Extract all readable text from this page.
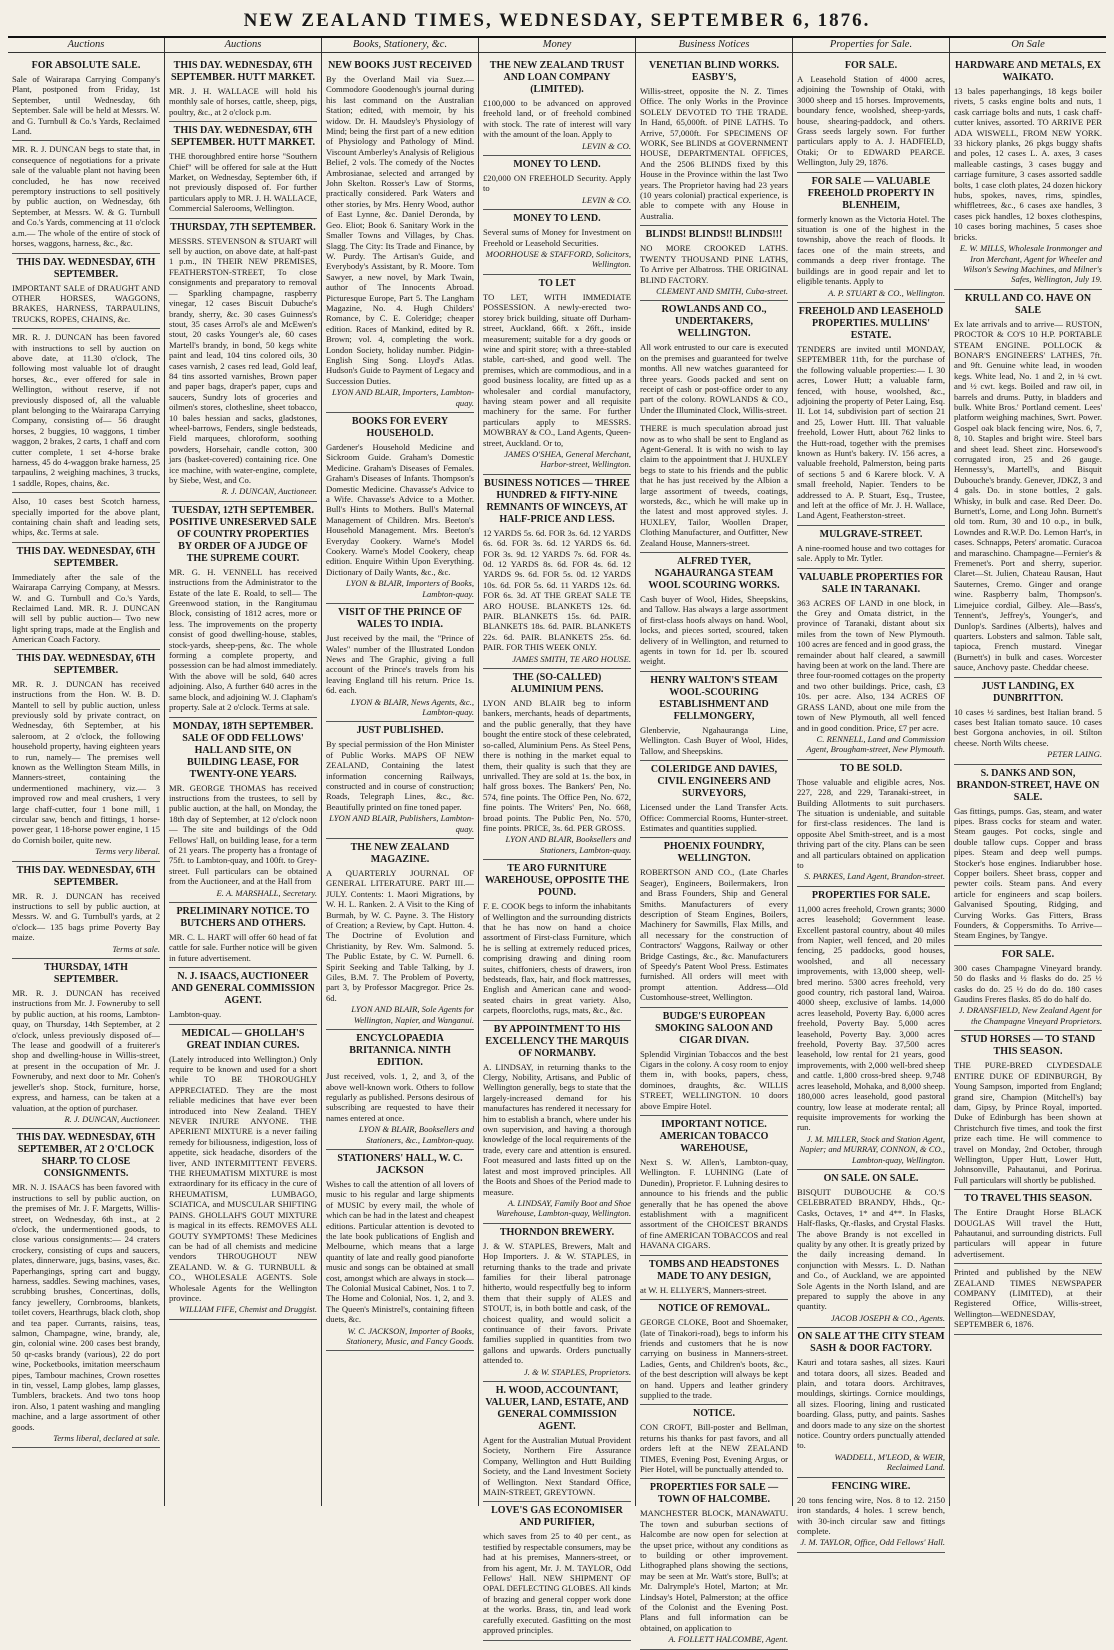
NEW ZEALAND TIMES, WEDNESDAY, SEPTEMBER 6, 1876.
Auctions
FOR ABSOLUTE SALE.
Sale of Wairarapa Carrying Company's Plant, postponed from Friday, 1st September, until Wednesday, 6th September. Sale will be held at Messrs. W. and G. Turnbull & Co.'s Yards, Reclaimed Land.
MR. R. J. DUNCAN begs to state that, in consequence of negotiations for a private sale of the valuable plant not having been concluded, he has now received peremptory instructions to sell positively by public auction, on Wednesday, 6th September, at Messrs. W. & G. Turnbull and Co.'s Yards, commencing at 11 o'clock a.m.— The whole of the entire of stock of horses, waggons, harness, &c., &c.
THIS DAY. WEDNESDAY, 6TH SEPTEMBER.
IMPORTANT SALE of DRAUGHT AND OTHER HORSES, WAGGONS, BRAKES, HARNESS, TARPAULINS, TRUCKS, ROPES, CHAINS, &c.
MR. R. J. DUNCAN has been favored with instructions to sell by auction on above date, at 11.30 o'clock, The following most valuable lot of draught horses, &c., ever offered for sale in Wellington, without reserve, if not previously disposed of, all the valuable plant belonging to the Wairarapa Carrying Company, consisting of— 56 draught horses, 2 buggies, 10 waggons, 1 timber waggon, 2 brakes, 2 carts, 1 chaff and corn cutter complete, 1 set 4-horse brake harness, 45 do 4-waggon brake harness, 25 tarpaulins, 2 weighing machines, 3 trucks, 1 saddle, Ropes, chains, &c.
Also, 10 cases best Scotch harness, specially imported for the above plant, containing chain shaft and leading sets, whips, &c. Terms at sale.
THIS DAY. WEDNESDAY, 6TH SEPTEMBER.
Immediately after the sale of the Wairarapa Carrying Company, at Messrs. W. and G. Turnbull and Co.'s Yards, Reclaimed Land. MR. R. J. DUNCAN will sell by public auction— Two new light spring traps, made at the English and American Coach Factory.
THIS DAY. WEDNESDAY, 6TH SEPTEMBER.
MR. R. J. DUNCAN has received instructions from the Hon. W. B. D. Mantell to sell by public auction, unless previously sold by private contract, on Wednesday, 6th September, at his saleroom, at 2 o'clock, the following household property, having eighteen years to run, namely— The premises well known as the Wellington Steam Mills, in Manners-street, containing the undermentioned machinery, viz.— 3 improved row and meal crushers, 1 very large chaff-cutter, four 1 bone mill, 1 circular saw, bench and fittings, 1 horse-power gear, 1 18-horse power engine, 1 15 do Cornish boiler, quite new.
Terms very liberal.
THIS DAY. WEDNESDAY, 6TH SEPTEMBER.
MR. R. J. DUNCAN has received instructions to sell by public auction, at Messrs. W. and G. Turnbull's yards, at 2 o'clock— 135 bags prime Poverty Bay maize.
Terms at sale.
THURSDAY, 14TH SEPTEMBER.
MR. R. J. DUNCAN has received instructions from Mr. J. Fowneruby to sell by public auction, at his rooms, Lambton-quay, on Thursday, 14th September, at 2 o'clock, unless previously disposed of— The lease and goodwill of a fruiterer's shop and dwelling-house in Willis-street, at present in the occupation of Mr. J. Fowneruby, and next door to Mr. Cohen's jeweller's shop. Stock, furniture, horse, express, and harness, can be taken at a valuation, at the option of purchaser.
R. J. DUNCAN, Auctioneer.
THIS DAY. WEDNESDAY, 6TH SEPTEMBER, AT 2 O'CLOCK SHARP. TO CLOSE CONSIGNMENTS.
MR. N. J. ISAACS has been favored with instructions to sell by public auction, on the premises of Mr. J. F. Margetts, Willis-street, on Wednesday, 6th inst., at 2 o'clock, the undermentioned goods, to close various consignments:— 24 craters crockery, consisting of cups and saucers, plates, dinnerware, jugs, basins, vases, &c. Paperhangings, spring cart and buggy, harness, saddles. Sewing machines, vases, scrubbing brushes, Concertinas, dolls, fancy jewellery, Cornbrooms, blankets, toilet covers, Hearthrugs, black cloth, shop and tea paper. Currants, raisins, teas, salmon, Champagne, wine, brandy, ale, gin, colonial wine. 200 cases best brandy, 50 qr-casks brandy (various), 22 do port wine, Pocketbooks, imitation meerschaum pipes, Tambour machines, Crown rosettes in tin, vessel, Lamp globes, lamp glasses, Tumblers, brackets. And two tons hoop iron. Also, 1 patent washing and mangling machine, and a large assortment of other goods.
Terms liberal, declared at sale.
Auctions
THIS DAY. WEDNESDAY, 6TH SEPTEMBER. HUTT MARKET.
MR. J. H. WALLACE will hold his monthly sale of horses, cattle, sheep, pigs, poultry, &c., at 2 o'clock p.m.
THIS DAY. WEDNESDAY, 6TH SEPTEMBER. HUTT MARKET.
THE thoroughbred entire horse "Southern Chief" will be offered for sale at the Hutt Market, on Wednesday, September 6th, if not previously disposed of. For further particulars apply to MR. J. H. WALLACE, Commercial Salerooms, Wellington.
THURSDAY, 7TH SEPTEMBER.
MESSRS. STEVENSON & STUART will sell by auction, on above date, at half-past 1 p.m., IN THEIR NEW PREMISES, FEATHERSTON-STREET, To close consignments and preparatory to removal— Sparkling champagne, raspberry vinegar, 12 cases Biscuit Dubuche's brandy, sherry, &c. 30 cases Guinness's stout, 35 cases Arrol's ale and McEwen's stout, 20 casks Younger's ale, 60 cases Martell's brandy, in bond, 50 kegs white paint and lead, 104 tins colored oils, 30 cases varnish, 2 cases red lead, Gold leaf, 84 tins assorted varnishes, Brown paper and paper bags, draper's paper, cups and saucers, Sundry lots of groceries and oilmen's stores, clothesline, sheet tobacco, 10 bales hessian and sacks, gladstones, wheel-barrows, Fenders, single bedsteads, Field marquees, chloroform, soothing powders, Horsehair, candle cotton, 300 jars (basket-covered) containing rice. One ice machine, with water-engine, complete, by Siebe, West, and Co.
R. J. DUNCAN, Auctioneer.
TUESDAY, 12TH SEPTEMBER. POSITIVE UNRESERVED SALE OF COUNTRY PROPERTIES BY ORDER OF A JUDGE OF THE SUPREME COURT.
MR. G. H. VENNELL has received instructions from the Administrator to the Estate of the late E. Roald, to sell— The Greenwood station, in the Rangitumau Block, consisting of 1812 acres, more or less. The improvements on the property consist of good dwelling-house, stables, stock-yards, sheep-pens, &c. The whole forming a complete property, and possession can be had almost immediately. With the above will be sold, 640 acres adjoining. Also, A further 640 acres in the same block, and adjoining W. J. Clapham's property. Sale at 2 o'clock. Terms at sale.
MONDAY, 18TH SEPTEMBER. SALE OF ODD FELLOWS' HALL AND SITE, ON BUILDING LEASE, FOR TWENTY-ONE YEARS.
MR. GEORGE THOMAS has received instructions from the trustees, to sell by public auction, at the hall, on Monday, the 18th day of September, at 12 o'clock noon— The site and buildings of the Odd Fellows' Hall, on building lease, for a term of 21 years. The property has a frontage of 75ft. to Lambton-quay, and 100ft. to Grey-street. Full particulars can be obtained from the Auctioneer, and at the Hall from
E. A. MARSHALL, Secretary.
PRELIMINARY NOTICE. TO BUTCHERS AND OTHERS.
MR. C. L. HART will offer 60 head of fat cattle for sale. Further notice will be given in future advertisement.
N. J. ISAACS, AUCTIONEER AND GENERAL COMMISSION AGENT.
Lambton-quay.
MEDICAL — GHOLLAH'S GREAT INDIAN CURES.
(Lately introduced into Wellington.) Only require to be known and used for a short while TO BE THOROUGHLY APPRECIATED. They are the most reliable medicines that have ever been introduced into New Zealand. THEY NEVER INJURE ANYONE. THE APERIENT MIXTURE is a never failing remedy for biliousness, indigestion, loss of appetite, sick headache, disorders of the liver, AND INTERMITTENT FEVERS. THE RHEUMATISM MIXTURE is most extraordinary for its efficacy in the cure of RHEUMATISM, LUMBAGO, SCIATICA, and MUSCULAR SHIFTING PAINS. GHOLLAH'S GOUT MIXTURE is magical in its effects. REMOVES ALL GOUTY SYMPTOMS! These Medicines can be had of all chemists and medicine vendors THROUGHOUT NEW ZEALAND. W. & G. TURNBULL & CO., WHOLESALE AGENTS. Sole Wholesale Agents for the Wellington province.
WILLIAM FIFE, Chemist and Druggist.
Books, Stationery, &c.
NEW BOOKS JUST RECEIVED
By the Overland Mail via Suez.— Commodore Goodenough's journal during his last command on the Australian Station; edited, with memoir, by his widow. Dr. H. Maudsley's Physiology of Mind; being the first part of a new edition of Physiology and Pathology of Mind. Viscount Amberley's Analysis of Religious Belief, 2 vols. The comedy of the Noctes Ambrosianae, selected and arranged by John Skelton. Rosser's Law of Storms, practically considered. Park Waters and other stories, by Mrs. Henry Wood, author of East Lynne, &c. Daniel Deronda, by Geo. Eliot; Book 6. Sanitary Work in the Smaller Towns and Villages, by Chas. Slagg. The City: Its Trade and Finance, by W. Purdy. The Artisan's Guide, and Everybody's Assistant, by R. Moore. Tom Sawyer, a new novel, by Mark Twain, author of The Innocents Abroad. Picturesque Europe, Part 5. The Langham Magazine, No. 4. Hugh Childers' Romance, by C. E. Coleridge; cheaper edition. Races of Mankind, edited by R. Brown; vol. 4, completing the work. London Society, holiday number. Pidgin-English Sing Song. Lloyd's Atlas. Hudson's Guide to Payment of Legacy and Succession Duties.
LYON AND BLAIR, Importers, Lambton-quay.
BOOKS FOR EVERY HOUSEHOLD.
Gardener's Household Medicine and Sickroom Guide. Graham's Domestic Medicine. Graham's Diseases of Females. Graham's Diseases of Infants. Thompson's Domestic Medicine. Chavasse's Advice to a Wife. Chavasse's Advice to a Mother. Bull's Hints to Mothers. Bull's Maternal Management of Children. Mrs. Beeton's Household Management. Mrs. Beeton's Everyday Cookery. Warne's Model Cookery. Warne's Model Cookery, cheap edition. Enquire Within Upon Everything. Dictionary of Daily Wants, &c., &c.
LYON & BLAIR, Importers of Books, Lambton-quay.
VISIT OF THE PRINCE OF WALES TO INDIA.
Just received by the mail, the "Prince of Wales" number of the Illustrated London News and The Graphic, giving a full account of the Prince's travels from his leaving England till his return. Price 1s. 6d. each.
LYON & BLAIR, News Agents, &c., Lambton-quay.
JUST PUBLISHED.
By special permission of the Hon Minister of Public Works. MAPS OF NEW ZEALAND, Containing the latest information concerning Railways, constructed and in course of construction; Roads, Telegraph Lines, &c., &c. Beautifully printed on fine toned paper.
LYON AND BLAIR, Publishers, Lambton-quay.
THE NEW ZEALAND MAGAZINE.
A QUARTERLY JOURNAL OF GENERAL LITERATURE. PART III.—JULY. Contents: 1. Maori Migrations, by W. H. L. Ranken. 2. A Visit to the King of Burmah, by W. C. Payne. 3. The History of Creation; a Review, by Capt. Hutton. 4. The Doctrine of Evolution and Christianity, by Rev. Wm. Salmond. 5. The Public Estate, by C. W. Purnell. 6. Spirit Seeking and Table Talking, by J. Giles, B.M. 7. The Problem of Poverty, part 3, by Professor Macgregor. Price 2s. 6d.
LYON AND BLAIR, Sole Agents for Wellington, Napier, and Wanganui.
ENCYCLOPAEDIA BRITANNICA. NINTH EDITION.
Just received, vols. 1, 2, and 3, of the above well-known work. Others to follow regularly as published. Persons desirous of subscribing are requested to have their names entered at once.
LYON & BLAIR, Booksellers and Stationers, &c., Lambton-quay.
STATIONERS' HALL, W. C. JACKSON
Wishes to call the attention of all lovers of music to his regular and large shipments of MUSIC by every mail, the whole of which can be had in the latest and cheapest editions. Particular attention is devoted to the late book publications of English and Melbourne, which means that a large quantity of late and really good pianoforte music and songs can be obtained at small cost, amongst which are always in stock— The Colonial Musical Cabinet, Nos. 1 to 7. The Home and Colonial, Nos. 1, 2, and 3. The Queen's Ministrel's, containing fifteen duets, &c.
W. C. JACKSON, Importer of Books, Stationery, Music, and Fancy Goods.
Money
THE NEW ZEALAND TRUST AND LOAN COMPANY (LIMITED).
£100,000 to be advanced on approved freehold land, or of freehold combined with stock. The rate of interest will vary with the amount of the loan. Apply to
LEVIN & CO.
MONEY TO LEND.
£20,000 ON FREEHOLD Security. Apply to
LEVIN & CO.
MONEY TO LEND.
Several sums of Money for Investment on Freehold or Leasehold Securities.
MOORHOUSE & STAFFORD, Solicitors, Wellington.
TO LET
TO LET, WITH IMMEDIATE POSSESSION. A newly-erected two-storey brick building, situate off Durham-street, Auckland, 66ft. x 26ft., inside measurement; suitable for a dry goods or wine and spirit store; with a three-stabled stable, cart-shed, and good well. The premises, which are commodious, and in a good business locality, are fitted up as a wholesaler and cordial manufactory, having steam power and all requisite machinery for the same. For further particulars apply to MESSRS. MOWBRAY & CO., Land Agents, Queen-street, Auckland. Or to,
JAMES O'SHEA, General Merchant, Harbor-street, Wellington.
BUSINESS NOTICES — THREE HUNDRED & FIFTY-NINE REMNANTS OF WINCEYS, AT HALF-PRICE AND LESS.
12 YARDS 5s. 6d. FOR 3s. 6d. 12 YARDS 6s. 6d. FOR 3s. 6d. 12 YARDS 6s. 6d. FOR 3s. 9d. 12 YARDS 7s. 6d. FOR 4s. 0d. 12 YARDS 8s. 6d. FOR 4s. 6d. 12 YARDS 9s. 6d. FOR 5s. 0d. 12 YARDS 10s. 6d. FOR 5s. 6d. 11 YARDS 12s. 6d. FOR 6s. 3d. AT THE GREAT SALE TE ARO HOUSE. BLANKETS 12s. 6d. PAIR. BLANKETS 15s. 6d. PAIR. BLANKETS 18s. 6d. PAIR. BLANKETS 22s. 6d. PAIR. BLANKETS 25s. 6d. PAIR. FOR THIS WEEK ONLY.
JAMES SMITH, TE ARO HOUSE.
THE (SO-CALLED) ALUMINIUM PENS.
LYON AND BLAIR beg to inform bankers, merchants, heads of departments, and the public generally, that they have bought the entire stock of these celebrated, so-called, Aluminium Pens. As Steel Pens, there is nothing in the market equal to them, their quality is such that they are unrivalled. They are sold at 1s. the box, in half gross boxes. The Bankers' Pen, No. 574, fine points. The Office Pen, No. 672, fine points. The Writers' Pen, No. 668, broad points. The Public Pen, No. 570, fine points. PRICE, 3s. 6d. PER GROSS.
LYON AND BLAIR, Booksellers and Stationers, Lambton-quay.
TE ARO FURNITURE WAREHOUSE, OPPOSITE THE POUND.
F. E. COOK begs to inform the inhabitants of Wellington and the surrounding districts that he has now on hand a choice assortment of First-class Furniture, which he is selling at extremely reduced prices, comprising drawing and dining room suites, chiffoniers, chests of drawers, iron bedsteads, flax, hair, and flock mattresses, English and American cane and wood-seated chairs in great variety. Also, carpets, floorcloths, rugs, mats, &c., &c.
BY APPOINTMENT TO HIS EXCELLENCY THE MARQUIS OF NORMANBY.
A. LINDSAY, in returning thanks to the Clergy, Nobility, Artisans, and Public of Wellington generally, begs to state that the largely-increased demand for his manufactures has rendered it necessary for him to establish a branch, where under his own supervision, and having a thorough knowledge of the local requirements of the trade, every care and attention is ensured. Foot measured and lasts fitted up on the latest and most improved principles. All the Boots and Shoes of the Period made to measure.
A. LINDSAY, Family Boot and Shoe Warehouse, Lambton-quay, Wellington.
THORNDON BREWERY.
J. & W. STAPLES, Brewers, Malt and Hop Importers. J. & W. STAPLES, in returning thanks to the trade and private families for their liberal patronage hitherto, would respectfully beg to inform them that their supply of ALES and STOUT, is, in both bottle and cask, of the choicest quality, and would solicit a continuance of their favors. Private families supplied in quantities from two gallons and upwards. Orders punctually attended to.
J. & W. STAPLES, Proprietors.
H. WOOD, ACCOUNTANT, VALUER, LAND, ESTATE, AND GENERAL COMMISSION AGENT.
Agent for the Australian Mutual Provident Society, Northern Fire Assurance Company, Wellington and Hutt Building Society, and the Land Investment Society of Wellington. Next Standard Office, MAIN-STREET, GREYTOWN.
LOVE'S GAS ECONOMISER AND PURIFIER,
which saves from 25 to 40 per cent., as testified by respectable consumers, may be had at his premises, Manners-street, or from his agent, Mr. J. M. TAYLOR, Odd Fellows' Hall. NEW SHIPMENT OF OPAL DEFLECTING GLOBES. All kinds of brazing and general copper work done at the works. Brass, tin, and lead work carefully executed. Gasfitting on the most approved principles.
Business Notices
VENETIAN BLIND WORKS. EASBY'S,
Willis-street, opposite the N. Z. Times Office. The only Works in the Province SOLELY DEVOTED TO THE TRADE. In Hand, 65,000ft. of PINE LATHS. To Arrive, 57,000ft. For SPECIMENS OF WORK, See BLINDS at GOVERNMENT HOUSE, DEPARTMENTAL OFFICES, And the 2506 BLINDS fixed by this House in the Province within the last Two years. The Proprietor having had 23 years (10 years colonial) practical experience, is able to compete with any House in Australia.
BLINDS! BLINDS!! BLINDS!!!
NO MORE CROOKED LATHS. TWENTY THOUSAND PINE LATHS, To Arrive per Albatross. THE ORIGINAL BLIND FACTORY.
CLEMENT AND SMITH, Cuba-street.
ROWLANDS AND CO., UNDERTAKERS, WELLINGTON.
All work entrusted to our care is executed on the premises and guaranteed for twelve months. All new watches guaranteed for three years. Goods packed and sent on receipt of cash or post-office order to any part of the colony. ROWLANDS & CO., Under the Illuminated Clock, Willis-street.
THERE is much speculation abroad just now as to who shall be sent to England as Agent-General. It is with no wish to lay claim to the appointment that J. HUXLEY begs to state to his friends and the public that he has just received by the Albion a large assortment of tweeds, coatings, worsteds, &c., which he will make up in the latest and most approved styles. J. HUXLEY, Tailor, Woollen Draper, Clothing Manufacturer, and Outfitter, New Zealand House, Manners-street.
ALFRED TYER, NGAHAURANGA STEAM WOOL SCOURING WORKS.
Cash buyer of Wool, Hides, Sheepskins, and Tallow. Has always a large assortment of first-class hoofs always on hand. Wool, locks, and pieces sorted, scoured, taken delivery of in Wellington, and returned to agents in town for 1d. per lb. scoured weight.
HENRY WALTON'S STEAM WOOL-SCOURING ESTABLISHMENT AND FELLMONGERY,
Glenbervie, Ngahauranga Line, Wellington. Cash Buyer of Wool, Hides, Tallow, and Sheepskins.
COLERIDGE AND DAVIES, CIVIL ENGINEERS AND SURVEYORS,
Licensed under the Land Transfer Acts. Office: Commercial Rooms, Hunter-street. Estimates and quantities supplied.
PHOENIX FOUNDRY, WELLINGTON.
ROBERTSON AND CO., (Late Charles Seager), Engineers, Boilermakers, Iron and Brass Founders, Ship and General Smiths. Manufacturers of every description of Steam Engines, Boilers, Machinery for Sawmills, Flax Mills, and all necessary for the construction of Contractors' Waggons, Railway or other Bridge Castings, &c., &c. Manufacturers of Speedy's Patent Wool Press. Estimates furnished. All orders will meet with prompt attention. Address—Old Customhouse-street, Wellington.
BUDGE'S EUROPEAN SMOKING SALOON AND CIGAR DIVAN.
Splendid Virginian Tobaccos and the best Cigars in the colony. A cosy room to enjoy them in, with books, papers, chess, dominoes, draughts, &c. WILLIS STREET, WELLINGTON. 10 doors above Empire Hotel.
IMPORTANT NOTICE. AMERICAN TOBACCO WAREHOUSE,
Next S. W. Allen's, Lambton-quay, Wellington. F. LUHNING (Late of Dunedin), Proprietor. F. Luhning desires to announce to his friends and the public generally that he has opened the above establishment with a magnificent assortment of the CHOICEST BRANDS of fine AMERICAN TOBACCOS and real HAVANA CIGARS.
TOMBS AND HEADSTONES MADE TO ANY DESIGN,
at W. H. ELLYER'S, Manners-street.
NOTICE OF REMOVAL.
GEORGE CLOKE, Boot and Shoemaker, (late of Tinakori-road), begs to inform his friends and customers that he is now carrying on business in Manners-street. Ladies, Gents, and Children's boots, &c., of the best description will always be kept on hand. Uppers and leather grindery supplied to the trade.
NOTICE.
CON CROFT, Bill-poster and Bellman, returns his thanks for past favors, and all orders left at the NEW ZEALAND TIMES, Evening Post, Evening Argus, or Pier Hotel, will be punctually attended to.
PROPERTIES FOR SALE — TOWN OF HALCOMBE.
MANCHESTER BLOCK, MANAWATU. The town and suburban sections of Halcombe are now open for selection at the upset price, without any conditions as to building or other improvement. Lithographed plans showing the sections, may be seen at Mr. Watt's store, Bull's; at Mr. Dalrymple's Hotel, Marton; at Mr. Lindsay's Hotel, Palmerston; at the office of the Colonist and the Evening Post. Plans and full information can be obtained, on application to
A. FOLLETT HALCOMBE, Agent.
Properties for Sale.
FOR SALE.
A Leasehold Station of 4000 acres, adjoining the Township of Otaki, with 3000 sheep and 15 horses. Improvements, boundary fence, woolshed, sheep-yards, house, shearing-paddock, and others. Grass seeds largely sown. For further particulars apply to A. J. HADFIELD, Otaki; Or to EDWARD PEARCE. Wellington, July 29, 1876.
FOR SALE — VALUABLE FREEHOLD PROPERTY IN BLENHEIM,
formerly known as the Victoria Hotel. The situation is one of the highest in the township, above the reach of floods. It faces one of the main streets, and commands a deep river frontage. The buildings are in good repair and let to eligible tenants. Apply to
A. P. STUART & CO., Wellington.
FREEHOLD AND LEASEHOLD PROPERTIES. MULLINS' ESTATE.
TENDERS are invited until MONDAY, SEPTEMBER 11th, for the purchase of the following valuable properties:— I. 30 acres, Lower Hutt; a valuable farm, fenced, with house, woolshed, &c., adjoining the property of Peter Laing, Esq. II. Lot 14, subdivision part of section 21 and 25, Lower Hutt. III. That valuable freehold, Lower Hutt, about 762 links to the Hutt-road, together with the premises known as Hunt's bakery. IV. 156 acres, a valuable freehold, Palmerston, being parts of sections 5 and 6 Karere block. V. A small freehold, Napier. Tenders to be addressed to A. P. Stuart, Esq., Trustee, and left at the office of Mr. J. H. Wallace, Land Agent, Featherston-street.
MULGRAVE-STREET.
A nine-roomed house and two cottages for sale. Apply to Mr. Tytler.
VALUABLE PROPERTIES FOR SALE IN TARANAKI.
363 ACRES OF LAND in one block, in the Grey and Omata district, in the province of Taranaki, distant about six miles from the town of New Plymouth. 100 acres are fenced and in good grass, the remainder about half cleared, a sawmill having been at work on the land. There are three four-roomed cottages on the property and two other buildings. Price, cash, £3 10s. per acre. Also, 134 ACRES OF GRASS LAND, about one mile from the town of New Plymouth, all well fenced and in good condition. Price, £7 per acre.
C. RENNELL, Land and Commission Agent, Brougham-street, New Plymouth.
TO BE SOLD.
Those valuable and eligible acres, Nos. 227, 228, and 229, Taranaki-street, in Building Allotments to suit purchasers. The situation is undeniable, and suitable for first-class residences. The land is opposite Abel Smith-street, and is a most thriving part of the city. Plans can be seen and all particulars obtained on application to
S. PARKES, Land Agent, Brandon-street.
PROPERTIES FOR SALE.
11,000 acres freehold, Crown grants; 3000 acres leasehold; Government lease. Excellent pastoral country, about 40 miles from Napier, well fenced, and 20 miles fencing, 25 paddocks, good houses, woolshed, and all necessary improvements, with 13,000 sheep, well-bred merino. 5300 acres freehold, very good country, rich pastoral land, Wairoa. 4000 sheep, exclusive of lambs. 14,000 acres leasehold, Poverty Bay. 6,000 acres freehold, Poverty Bay. 5,000 acres leasehold, Poverty Bay. 3,000 acres freehold, Poverty Bay. 37,500 acres leasehold, low rental for 21 years, good improvements, with 2,000 well-bred sheep and cattle. 1,800 cross-bred sheep. 9,748 acres leasehold, Mohaka, and 8,000 sheep. 180,000 acres leasehold, good pastoral country, low lease at moderate rental; all requisite improvements for working the run.
J. M. MILLER, Stock and Station Agent, Napier; and MURRAY, CONNON, & CO., Lambton-quay, Wellington.
ON SALE. ON SALE.
BISQUIT DUBOUCHE & CO.'S CELEBRATED BRANDY, Hhds., Qr.-Casks, Octaves, 1* and 4**. In Flasks, Half-flasks, Qr.-flasks, and Crystal Flasks. The above Brandy is not excelled in quality by any other. It is greatly prized by the daily increasing demand. In conjunction with Messrs. L. D. Nathan and Co., of Auckland, we are appointed Sole Agents in the North Island, and are prepared to supply the above in any quantity.
JACOB JOSEPH & CO., Agents.
ON SALE AT THE CITY STEAM SASH & DOOR FACTORY.
Kauri and totara sashes, all sizes. Kauri and totara doors, all sizes. Beaded and plain, and totara doors. Architraves, mouldings, skirtings. Cornice mouldings, all sizes. Flooring, lining and rusticated boarding. Glass, putty, and paints. Sashes and doors made to any size on the shortest notice. Country orders punctually attended to.
WADDELL, M'LEOD, & WEIR, Reclaimed Land.
FENCING WIRE.
20 tons fencing wire, Nos. 8 to 12. 2150 iron standards, 4 holes. 1 screw bench, with 30-inch circular saw and fittings complete.
J. M. TAYLOR, Office, Odd Fellows' Hall.
On Sale
HARDWARE AND METALS, EX WAIKATO.
13 bales paperhangings, 18 kegs boiler rivets, 5 casks engine bolts and nuts, 1 cask carriage bolts and nuts, 1 cask chaff-cutter knives, assorted. TO ARRIVE PER ADA WISWELL, FROM NEW YORK. 33 hickory planks, 26 pkgs buggy shafts and poles, 12 cases L. A. axes, 3 cases malleable castings, 3 cases buggy and carriage furniture, 3 cases assorted saddle bolts, 1 case cloth plates, 24 dozen hickory hubs, spokes, naves, rims, spindles, whiffletrees, &c., 6 cases axe handles, 3 cases pick handles, 12 boxes clothespins, 10 cases boring machines, 5 cases shoe bricks.
E. W. MILLS, Wholesale Ironmonger and Iron Merchant, Agent for Wheeler and Wilson's Sewing Machines, and Milner's Safes, Wellington, July 19.
KRULL AND CO. HAVE ON SALE
Ex late arrivals and to arrive— RUSTON, PROCTOR & CO'S 10 H.P. PORTABLE STEAM ENGINE. POLLOCK & BONAR'S ENGINEERS' LATHES, 7ft. and 9ft. Genuine white lead, in wooden kegs. White lead, No. 1 and 2, in ¼ cwt. and ½ cwt. kegs. Boiled and raw oil, in barrels and drums. Putty, in bladders and bulk. White Bros.' Portland cement. Lees' platform weighing machines, Swrt. Power. Gospel oak black fencing wire, Nos. 6, 7, 8, 10. Staples and bright wire. Steel bars and sheet lead. Sheet zinc. Horsewood's corrugated iron, 25 and 26 gauge. Hennessy's, Martell's, and Bisquit Dubouche's brandy. Genever, JDKZ, 3 and 4 gals. Do. in stone bottles, 2 gals. Whisky, in bulk and case. Red Deer. Do. Burnett's, Lorne, and Long John. Burnett's old tom. Rum, 30 and 10 o.p., in bulk, Lowndes and R.W.P. Do. Lemon Hart's, in cases. Schnapps, Peters' aromatic. Curacoa and maraschino. Champagne—Fernier's & Fremenet's. Port and sherry, superior. Claret—St. Julien, Chateau Rausan, Haut Sauternes, Cremo. Ginger and orange wine. Raspberry balm, Thompson's. Limejuice cordial, Gilbey. Ale—Bass's, Tennent's, Jeffrey's, Younger's, and Dunlop's. Sardines (Alberts), halves and quarters. Lobsters and salmon. Table salt, tapioca, French mustard. Vinegar (Burnett's) in bulk and cases. Worcester sauce, Anchovy paste. Cheddar cheese.
JUST LANDING, EX DUNBRITTON.
10 cases ½ sardines, best Italian brand. 5 cases best Italian tomato sauce. 10 cases best Gorgona anchovies, in oil. Stilton cheese. North Wilts cheese.
PETER LAING.
S. DANKS AND SON, BRANDON-STREET, HAVE ON SALE.
Gas fittings, pumps. Gas, steam, and water pipes. Brass cocks for steam and water. Steam gauges. Pot cocks, single and double tallow cups. Copper and brass pipes. Steam and deep well pumps. Stocker's hose engines. Indiarubber hose. Copper boilers. Sheet brass, copper and pewter coils. Steam pans. And every article for engineers and scap boilers. Galvanised Spouting, Ridging, and Curving Works. Gas Fitters, Brass Founders, & Coppersmiths. To Arrive—Steam Engines, by Tangye.
FOR SALE.
300 cases Champagne Vineyard brandy. 50 do flasks and ½ flasks do do. 25 ½ casks do do. 25 ½ do do do. 180 cases Gaudins Freres flasks. 85 do do half do.
J. DRANSFIELD, New Zealand Agent for the Champagne Vineyard Proprietors.
STUD HORSES — TO STAND THIS SEASON.
THE PURE-BRED CLYDESDALE ENTIRE DUKE OF EDINBURGH, By Young Sampson, imported from England; grand sire, Champion (Mitchell's) bay dam, Gipsy, by Prince Royal, imported. Duke of Edinburgh has been shown at Christchurch five times, and took the first prize each time. He will commence to travel on Monday, 2nd October, through Wellington, Upper Hutt, Lower Hutt, Johnsonville, Pahautanui, and Porirua. Full particulars will shortly be published.
TO TRAVEL THIS SEASON.
The Entire Draught Horse BLACK DOUGLAS Will travel the Hutt, Pahautanui, and surrounding districts. Full particulars will appear in future advertisement.
Printed and published by the NEW ZEALAND TIMES NEWSPAPER COMPANY (LIMITED), at their Registered Office, Willis-street, Wellington—WEDNESDAY, SEPTEMBER 6, 1876.
